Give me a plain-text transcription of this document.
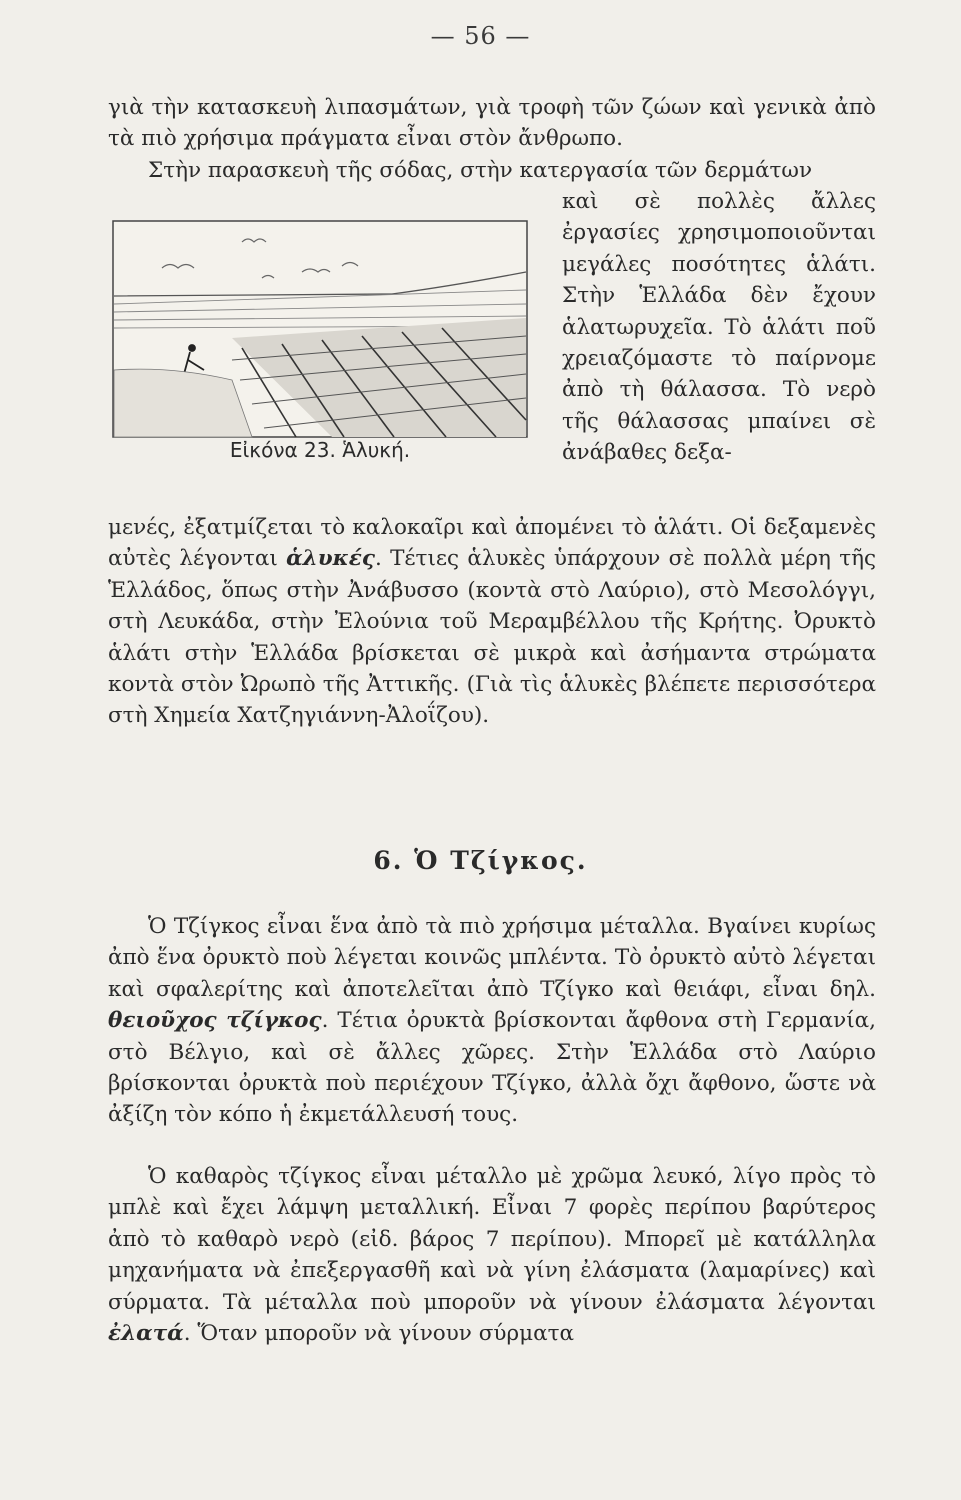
— 56 —

γιὰ τὴν κατασκευὴ λιπασμάτων, γιὰ τροφὴ τῶν ζώων καὶ γενικὰ ἀπὸ τὰ πιὸ χρήσιμα πράγματα εἶναι στὸν ἄνθρωπο.

Στὴν παρασκευὴ τῆς σόδας, στὴν κατεργασία τῶν δερμάτων

Εἰκόνα 23. Ἁλυκή.

καὶ σὲ πολλὲς ἄλλες ἐργασίες χρησιμοποιοῦνται μεγάλες ποσότητες ἁλάτι. Στὴν Ἑλλάδα δὲν ἔχουν ἁλατωρυχεῖα. Τὸ ἁλάτι ποῦ χρειαζόμαστε τὸ παίρνομε ἀπὸ τὴ θάλασσα. Τὸ νερὸ τῆς θάλασσας μπαίνει σὲ ἀνάβαθες δεξα-

μενές, ἐξατμίζεται τὸ καλοκαῖρι καὶ ἀπομένει τὸ ἁλάτι. Οἱ δεξαμενὲς αὐτὲς λέγονται ἁλυκές. Τέτιες ἁλυκὲς ὑπάρχουν σὲ πολλὰ μέρη τῆς Ἑλλάδος, ὅπως στὴν Ἀνάβυσσο (κοντὰ στὸ Λαύριο), στὸ Μεσολόγγι, στὴ Λευκάδα, στὴν Ἐλούνια τοῦ Μεραμβέλλου τῆς Κρήτης. Ὀρυκτὸ ἁλάτι στὴν Ἑλλάδα βρίσκεται σὲ μικρὰ καὶ ἀσήμαντα στρώματα κοντὰ στὸν Ὠρωπὸ τῆς Ἀττικῆς. (Γιὰ τὶς ἁλυκὲς βλέπετε περισσότερα στὴ Χημεία Χατζηγιάννη-Ἀλοΐζου).

6. Ὁ Τζίγκος.

Ὁ Τζίγκος εἶναι ἕνα ἀπὸ τὰ πιὸ χρήσιμα μέταλλα. Βγαίνει κυρίως ἀπὸ ἕνα ὀρυκτὸ ποὺ λέγεται κοινῶς μπλέντα. Τὸ ὀρυκτὸ αὐτὸ λέγεται καὶ σφαλερίτης καὶ ἀποτελεῖται ἀπὸ Τζίγκο καὶ θειάφι, εἶναι δηλ. θειοῦχος τζίγκος. Τέτια ὀρυκτὰ βρίσκονται ἄφθονα στὴ Γερμανία, στὸ Βέλγιο, καὶ σὲ ἄλλες χῶρες. Στὴν Ἑλλάδα στὸ Λαύριο βρίσκονται ὀρυκτὰ ποὺ περιέχουν Τζίγκο, ἀλλὰ ὄχι ἄφθονο, ὥστε νὰ ἀξίζη τὸν κόπο ἡ ἐκμετάλλευσή τους.

Ὁ καθαρὸς τζίγκος εἶναι μέταλλο μὲ χρῶμα λευκό, λίγο πρὸς τὸ μπλὲ καὶ ἔχει λάμψη μεταλλική. Εἶναι 7 φορὲς περίπου βαρύτερος ἀπὸ τὸ καθαρὸ νερὸ (εἰδ. βάρος 7 περίπου). Μπορεῖ μὲ κατάλληλα μηχανήματα νὰ ἐπεξεργασθῆ καὶ νὰ γίνη ἐλάσματα (λαμαρίνες) καὶ σύρματα. Τὰ μέταλλα ποὺ μποροῦν νὰ γίνουν ἐλάσματα λέγονται ἐλατά. Ὅταν μποροῦν νὰ γίνουν σύρματα
